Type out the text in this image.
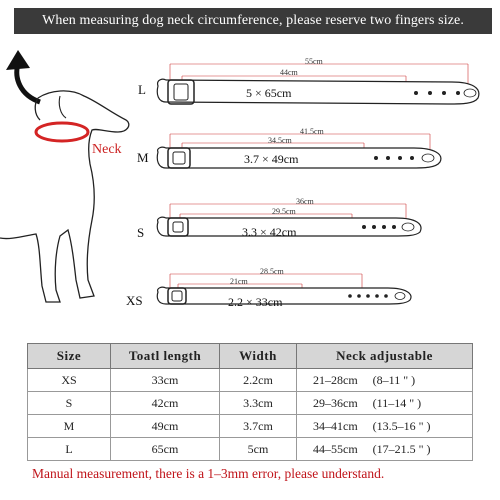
When measuring dog neck circumference, please reserve two fingers size.
Neck
L
55cm
44cm
5 × 65cm
M
41.5cm
34.5cm
3.7 × 49cm
S
36cm
29.5cm
3.3 × 42cm
XS
28.5cm
21cm
2.2 × 33cm
Size	Toatl length	Width	Neck adjustable
XS	33cm	2.2cm	21–28cm     (8–11 " )
S	42cm	3.3cm	29–36cm     (11–14 " )
M	49cm	3.7cm	34–41cm     (13.5–16 " )
L	65cm	5cm	44–55cm     (17–21.5 " )
Manual measurement, there is a 1–3mm error, please understand.
